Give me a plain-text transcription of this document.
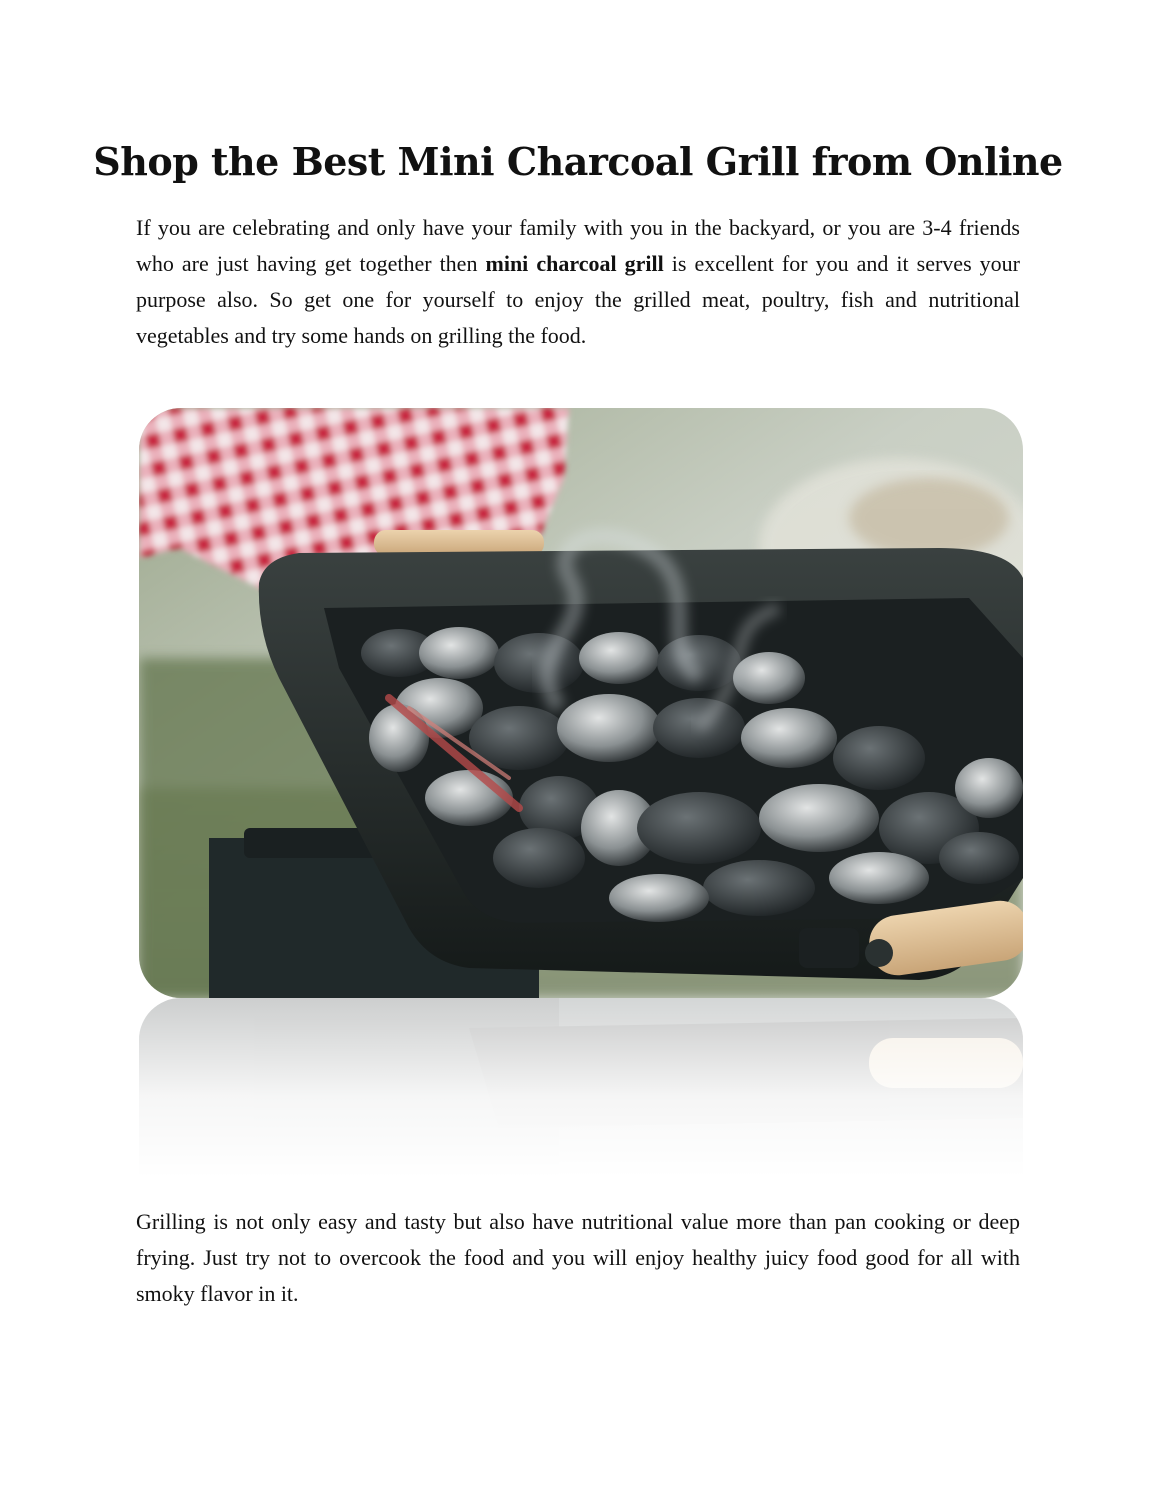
Shop the Best Mini Charcoal Grill from Online

If you are celebrating and only have your family with you in the backyard, or you are 3-4 friends who are just having get together then mini charcoal grill is excellent for you and it serves your purpose also. So get one for yourself to enjoy the grilled meat, poultry, fish and nutritional vegetables and try some hands on grilling the food.

Grilling is not only easy and tasty but also have nutritional value more than pan cooking or deep frying. Just try not to overcook the food and you will enjoy healthy juicy food good for all with smoky flavor in it.
